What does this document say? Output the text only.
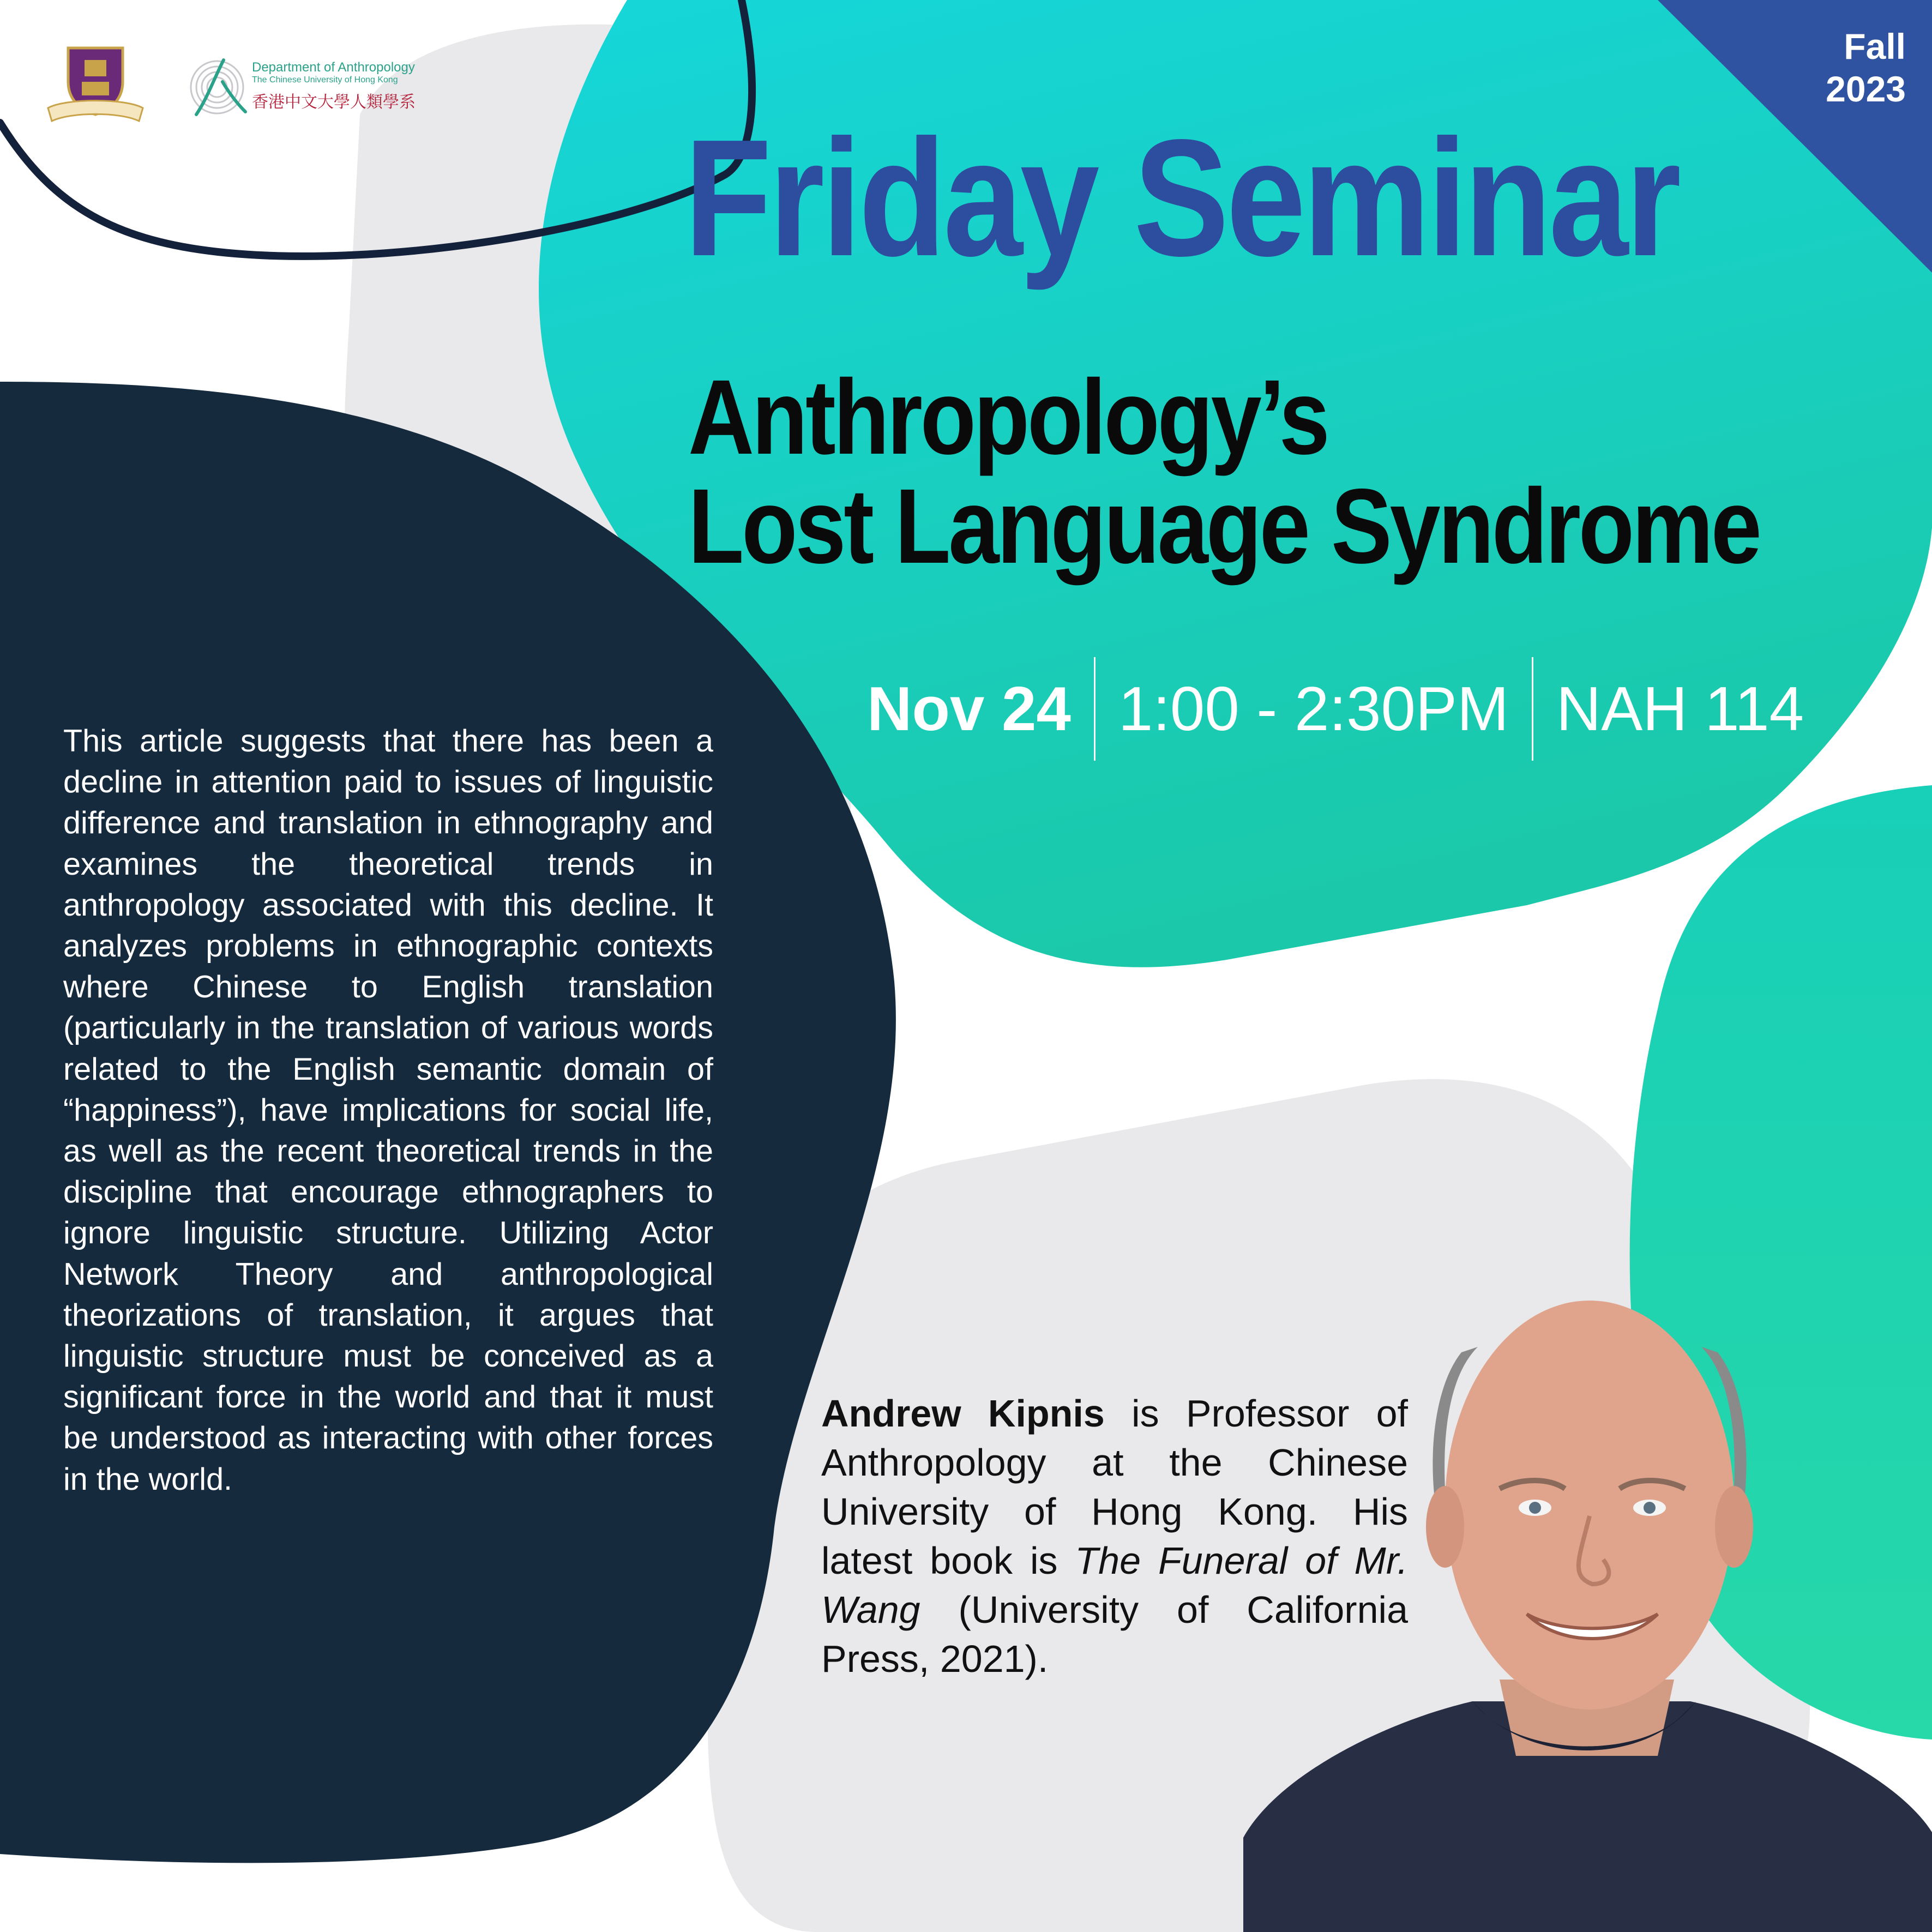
Department of Anthropology
The Chinese University of Hong Kong
香港中文大學人類學系
Fall
2023
Friday Seminar
Anthropology’s
Lost Language Syndrome
Nov 24 1:00 - 2:30PM NAH 114
This article suggests that there has been a decline in attention paid to issues of linguistic difference and translation in ethnography and examines the theoretical trends in anthropology associated with this decline. It analyzes problems in ethnographic contexts where Chinese to English translation (particularly in the translation of various words related to the English semantic domain of “happiness”), have implications for social life, as well as the recent theoretical trends in the discipline that encourage ethnographers to ignore linguistic structure. Utilizing Actor Network Theory and anthropological theorizations of translation, it argues that linguistic structure must be conceived as a significant force in the world and that it must be understood as interacting with other forces in the world.
Andrew Kipnis is Professor of Anthropology at the Chinese University of Hong Kong. His latest book is The Funeral of Mr. Wang (University of California Press, 2021).
